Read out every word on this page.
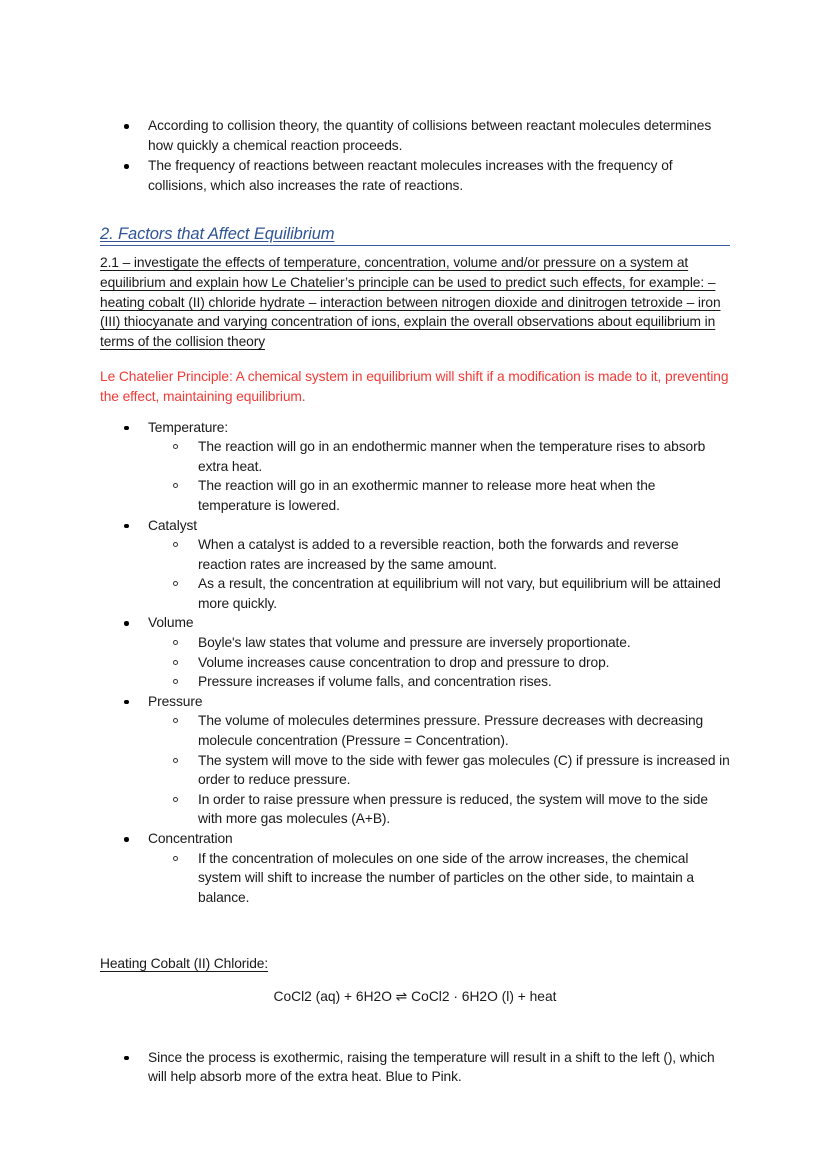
According to collision theory, the quantity of collisions between reactant molecules determines how quickly a chemical reaction proceeds.
The frequency of reactions between reactant molecules increases with the frequency of collisions, which also increases the rate of reactions.
2. Factors that Affect Equilibrium

2.1 – investigate the effects of temperature, concentration, volume and/or pressure on a system at equilibrium and explain how Le Chatelier’s principle can be used to predict such effects, for example: – heating cobalt (II) chloride hydrate – interaction between nitrogen dioxide and dinitrogen tetroxide – iron (III) thiocyanate and varying concentration of ions, explain the overall observations about equilibrium in terms of the collision theory

Le Chatelier Principle: A chemical system in equilibrium will shift if a modification is made to it, preventing the effect, maintaining equilibrium.

Temperature:
The reaction will go in an endothermic manner when the temperature rises to absorb extra heat.
The reaction will go in an exothermic manner to release more heat when the temperature is lowered.
Catalyst
When a catalyst is added to a reversible reaction, both the forwards and reverse reaction rates are increased by the same amount.
As a result, the concentration at equilibrium will not vary, but equilibrium will be attained more quickly.
Volume
Boyle's law states that volume and pressure are inversely proportionate.
Volume increases cause concentration to drop and pressure to drop.
Pressure increases if volume falls, and concentration rises.
Pressure
The volume of molecules determines pressure. Pressure decreases with decreasing molecule concentration (Pressure = Concentration).
The system will move to the side with fewer gas molecules (C) if pressure is increased in order to reduce pressure.
In order to raise pressure when pressure is reduced, the system will move to the side with more gas molecules (A+B).
Concentration
If the concentration of molecules on one side of the arrow increases, the chemical system will shift to increase the number of particles on the other side, to maintain a balance.

Heating Cobalt (II) Chloride:

CoCl2 (aq) + 6H2O ⇌ CoCl2 · 6H2O (l) + heat

Since the process is exothermic, raising the temperature will result in a shift to the left (), which will help absorb more of the extra heat. Blue to Pink.
